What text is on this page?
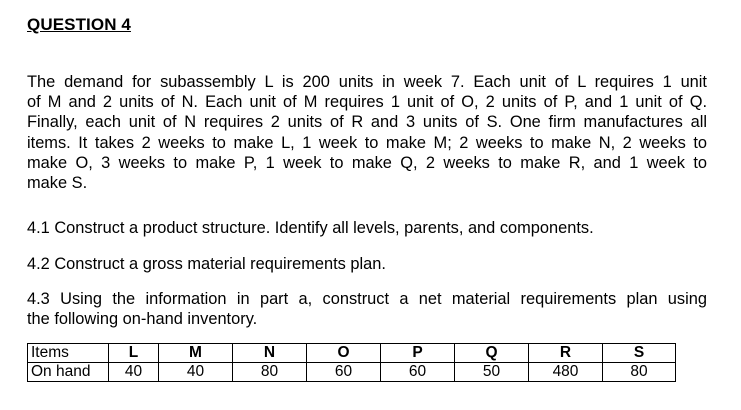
QUESTION 4
The demand for subassembly L is 200 units in week 7. Each unit of L requires 1 unit
of M and 2 units of N. Each unit of M requires 1 unit of O, 2 units of P, and 1 unit of Q.
Finally, each unit of N requires 2 units of R and 3 units of S. One firm manufactures all
items. It takes 2 weeks to make L, 1 week to make M; 2 weeks to make N, 2 weeks to
make O, 3 weeks to make P, 1 week to make Q, 2 weeks to make R, and 1 week to
make S.
4.1 Construct a product structure. Identify all levels, parents, and components.
4.2 Construct a gross material requirements plan.
4.3 Using the information in part a, construct a net material requirements plan using
the following on-hand inventory.
Items	L	M	N	O	P	Q	R	S
On hand	40	40	80	60	60	50	480	80
